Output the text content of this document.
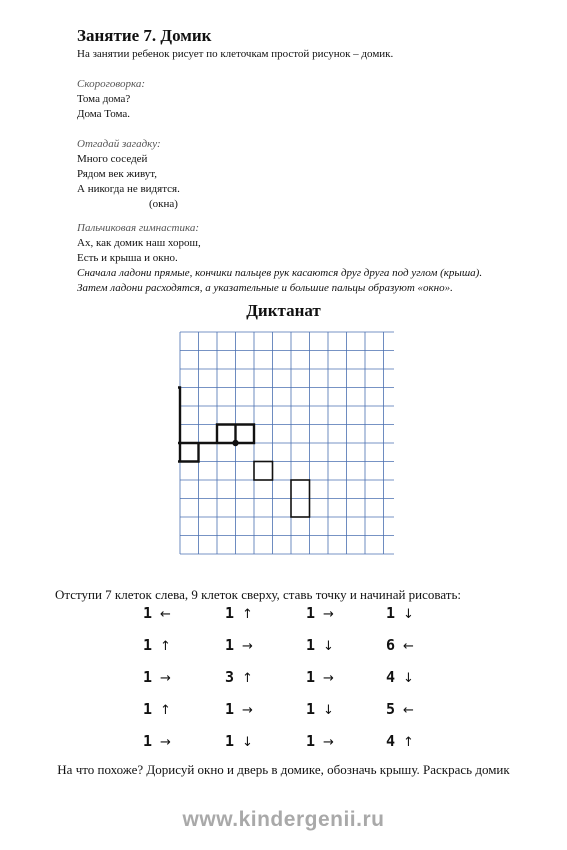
Занятие 7. Домик
На занятии ребенок рисует по клеточкам простой рисунок – домик.
Скороговорка:
Тома дома?
Дома Тома.
Отгадай загадку:
Много соседей
Рядом век живут,
А никогда не видятся.
(окна)
Пальчиковая гимнастика:
Ах, как домик наш хорош,
Есть и крыша и окно.
Сначала ладони прямые, кончики пальцев рук касаются друг друга под углом (крыша).
Затем ладони расходятся, а указательные и большие пальцы образуют «окно».
Диктанат
Отступи 7 клеток слева, 9 клеток сверху, ставь точку и начинай рисовать:
1 ←	1 ↑	1 →	1 ↓
1 ↑	1 →	1 ↓	6 ←
1 →	3 ↑	1 →	4 ↓
1 ↑	1 →	1 ↓	5 ←
1 →	1 ↓	1 →	4 ↑
На что похоже? Дорисуй окно и дверь в домике, обозначь крышу. Раскрась домик
www.kindergenii.ru
